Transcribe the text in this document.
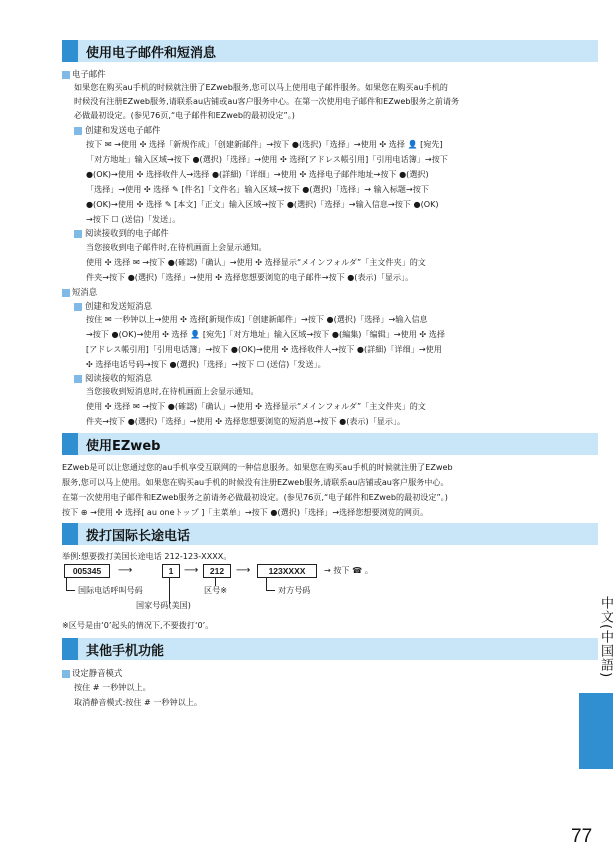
使用电子邮件和短消息
电子邮件
如果您在购买au手机的时候就注册了EZweb服务,您可以马上使用电子邮件服务。如果您在购买au手机的
时候没有注册EZweb服务,请联系au店铺或au客户服务中心。在第一次使用电子邮件和EZweb服务之前请务
必做最初设定。(参见76页,“电子邮件和EZweb的最初设定”。)
创建和发送电子邮件
按下 ✉ →使用 ✣ 选择「新规作成」「创建新邮件」→按下 ●(选択)「选择」→使用 ✣ 选择 👤 [宛先]
「对方地址」输入区域→按下 ●(選択)「选择」→使用 ✣ 选择[アドレス帳引用]「引用电话簿」→按下
●(OK)→使用 ✣ 选择收件人→选择 ●(詳細)「详细」→使用 ✣ 选择电子邮件地址→按下 ●(選択)
「选择」→使用 ✣ 选择 ✎ [件名]「文件名」输入区域→按下 ●(選択)「选择」→ 输入标题→按下
●(OK)→使用 ✣ 选择 ✎ [本文]「正文」输入区域→按下 ●(選択)「选择」→输入信息→按下 ●(OK)
→按下 ☐ (送信)「发送」。
阅读接收到的电子邮件
当您接收到电子邮件时,在待机画面上会显示通知。
使用 ✣ 选择 ✉ →按下 ●(確認)「确认」→使用 ✣ 选择显示“メインフォルダ”「主文件夹」的文
件夹→按下 ●(選択)「选择」→使用 ✣ 选择您想要浏览的电子邮件→按下 ●(表示)「显示」。
短消息
创建和发送短消息
按住 ✉ 一秒钟以上→使用 ✣ 选择[新規作成]「创建新邮件」→按下 ●(選択)「选择」→输入信息
→按下 ●(OK)→使用 ✣ 选择 👤 [宛先]「对方地址」输入区域→按下 ●(編集)「编辑」→使用 ✣ 选择
[アドレス帳引用]「引用电话簿」→按下 ●(OK)→使用 ✣ 选择收件人→按下 ●(詳細)「详细」→使用
✣ 选择电话号码→按下 ●(選択)「选择」→按下 ☐ (送信)「发送」。
阅读接收的短消息
当您接收到短消息时,在待机画面上会显示通知。
使用 ✣ 选择 ✉ →按下 ●(確認)「确认」→使用 ✣ 选择显示“メインフォルダ”「主文件夹」的文
件夹→按下 ●(選択)「选择」→使用 ✣ 选择您想要浏览的短消息→按下 ●(表示)「显示」。
使用EZweb
EZweb是可以让您通过您的au手机享受互联网的一种信息服务。如果您在购买au手机的时候就注册了EZweb
服务,您可以马上使用。如果您在购买au手机的时候没有注册EZweb服务,请联系au店铺或au客户服务中心。
在第一次使用电子邮件和EZweb服务之前请务必做最初设定。(参见76页,“电子邮件和EZweb的最初设定”。)
按下 ⊕ →使用 ✣ 选择[ au oneトップ ]「主菜单」→按下 ●(選択)「选择」→选择您想要浏览的网页。
拨打国际长途电话
举例:想要拨打美国长途电话 212-123-XXXX。
005345	⟶	1	⟶	212	⟶	123XXXX	→ 按下 ☎ 。
国际电话呼叫号码
国家号码(美国)
区号※	对方号码
※区号是由‘0’起头的情况下,不要拨打‘0’。
其他手机功能
设定静音模式
按住 # 一秒钟以上。
取消静音模式:按住 # 一秒钟以上。
中文(中国語)
77
